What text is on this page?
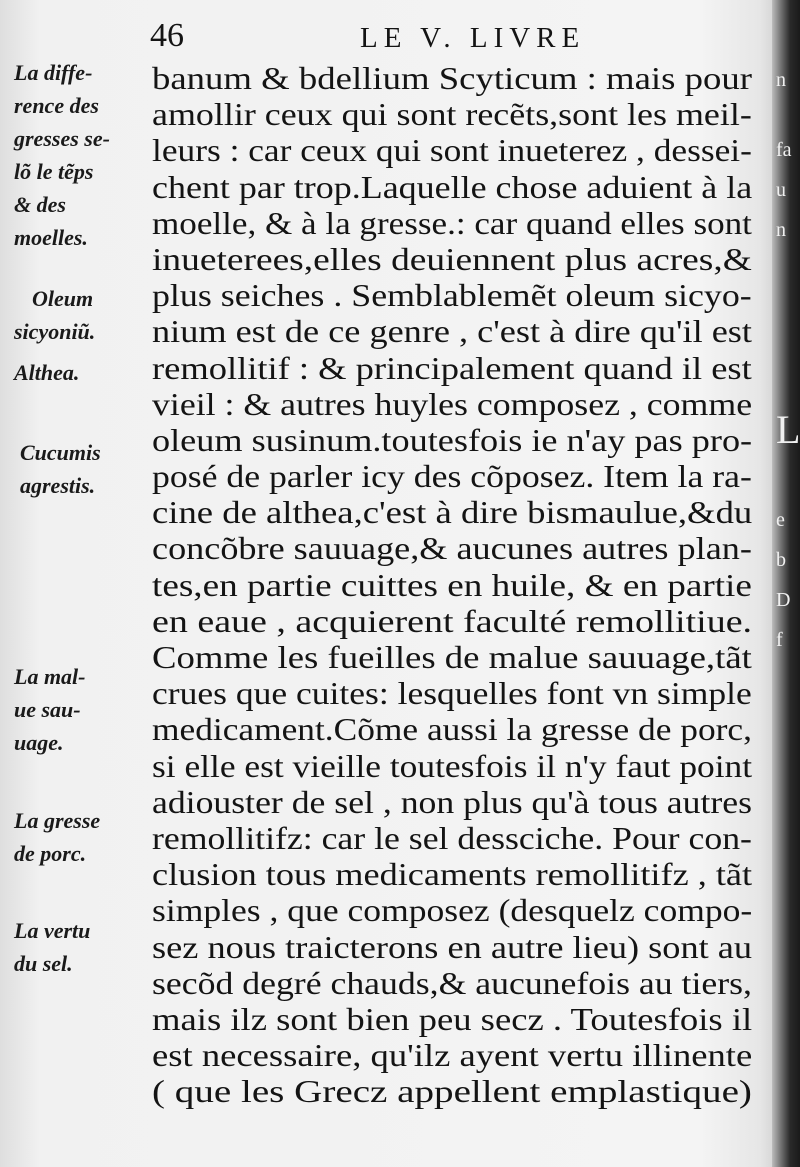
46	LE V. LIVRE
La diffe-
rence des
gresses se-
lõ le tẽps
& des
moelles.
Oleum
sicyoniũ.
Althea.
Cucumis
agrestis.
La mal-
ue sau-
uage.
La gresse
de porc.
La vertu
du sel.
banum & bdellium Scyticum : mais pour
amollir ceux qui sont recẽts,sont les meil-
leurs : car ceux qui sont inueterez , dessei-
chent par trop.Laquelle chose aduient à la
moelle, & à la gresse.: car quand elles sont
inueterees,elles deuiennent plus acres,&
plus seiches . Semblablemẽt oleum sicyo-
nium est de ce genre , c'est à dire qu'il est
remollitif : & principalement quand il est
vieil : & autres huyles composez , comme
oleum susinum.toutesfois ie n'ay pas pro-
posé de parler icy des cõposez. Item la ra-
cine de althea,c'est à dire bismaulue,&du
concõbre sauuage,& aucunes autres plan-
tes,en partie cuittes en huile, & en partie
en eaue , acquierent faculté remollitiue.
Comme les fueilles de malue sauuage,tãt
crues que cuites: lesquelles font vn simple
medicament.Cõme aussi la gresse de porc,
si elle est vieille toutesfois il n'y faut point
adiouster de sel , non plus qu'à tous autres
remollitifz: car le sel dessciche. Pour con-
clusion tous medicaments remollitifz , tãt
simples , que composez (desquelz compo-
sez nous traicterons en autre lieu) sont au
secõd degré chauds,& aucunefois au tiers,
mais ilz sont bien peu secz . Toutesfois il
est necessaire, qu'ilz ayent vertu illinente
( que les Grecz appellent emplastique)
n
fa
u
n
L
e
b
D
f
